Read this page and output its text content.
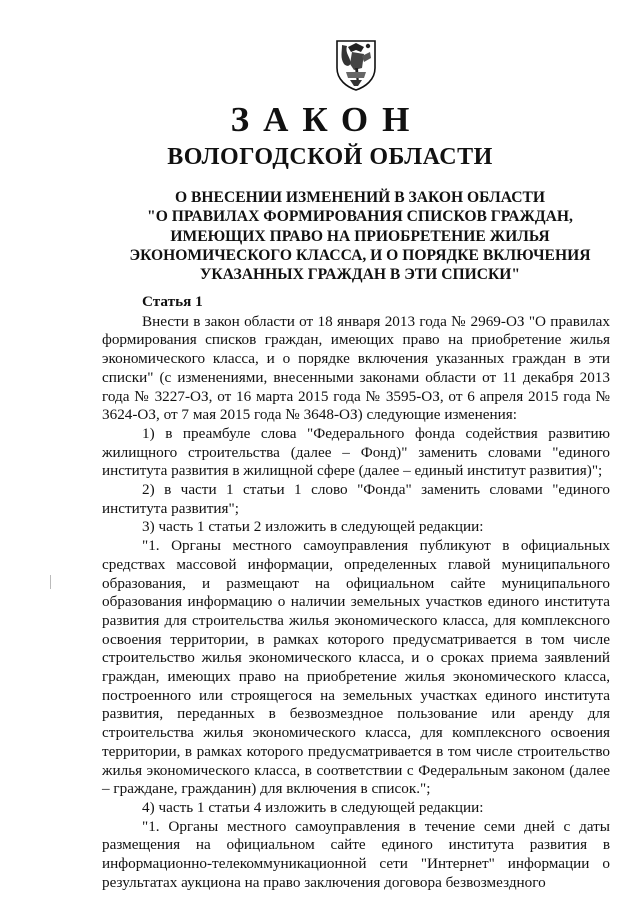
ЗАКОН
ВОЛОГОДСКОЙ ОБЛАСТИ
О ВНЕСЕНИИ ИЗМЕНЕНИЙ В ЗАКОН ОБЛАСТИ
"О ПРАВИЛАХ ФОРМИРОВАНИЯ СПИСКОВ ГРАЖДАН,
ИМЕЮЩИХ ПРАВО НА ПРИОБРЕТЕНИЕ ЖИЛЬЯ
ЭКОНОМИЧЕСКОГО КЛАССА, И О ПОРЯДКЕ ВКЛЮЧЕНИЯ
УКАЗАННЫХ ГРАЖДАН В ЭТИ СПИСКИ"
Статья 1

Внести в закон области от 18 января 2013 года № 2969-ОЗ "О правилах формирования списков граждан, имеющих право на приобретение жилья экономического класса, и о порядке включения указанных граждан в эти списки" (с изменениями, внесенными законами области от 11 декабря 2013 года № 3227-ОЗ, от 16 марта 2015 года № 3595-ОЗ, от 6 апреля 2015 года № 3624-ОЗ, от 7 мая 2015 года № 3648-ОЗ) следующие изменения:

1) в преамбуле слова "Федерального фонда содействия развитию жилищного строительства (далее – Фонд)" заменить словами "единого института развития в жилищной сфере (далее – единый институт развития)";

2) в части 1 статьи 1 слово "Фонда" заменить словами "единого института развития";

3) часть 1 статьи 2 изложить в следующей редакции:

"1. Органы местного самоуправления публикуют в официальных средствах массовой информации, определенных главой муниципального образования, и размещают на официальном сайте муниципального образования информацию о наличии земельных участков единого института развития для строительства жилья экономического класса, для комплексного освоения территории, в рамках которого предусматривается в том числе строительство жилья экономического класса, и о сроках приема заявлений граждан, имеющих право на приобретение жилья экономического класса, построенного или строящегося на земельных участках единого института развития, переданных в безвозмездное пользование или аренду для строительства жилья экономического класса, для комплексного освоения территории, в рамках которого предусматривается в том числе строительство жилья экономического класса, в соответствии с Федеральным законом (далее – граждане, гражданин) для включения в список.";

4) часть 1 статьи 4 изложить в следующей редакции:

"1. Органы местного самоуправления в течение семи дней с даты размещения на официальном сайте единого института развития в информационно-телекоммуникационной сети "Интернет" информации о результатах аукциона на право заключения договора безвозмездного
